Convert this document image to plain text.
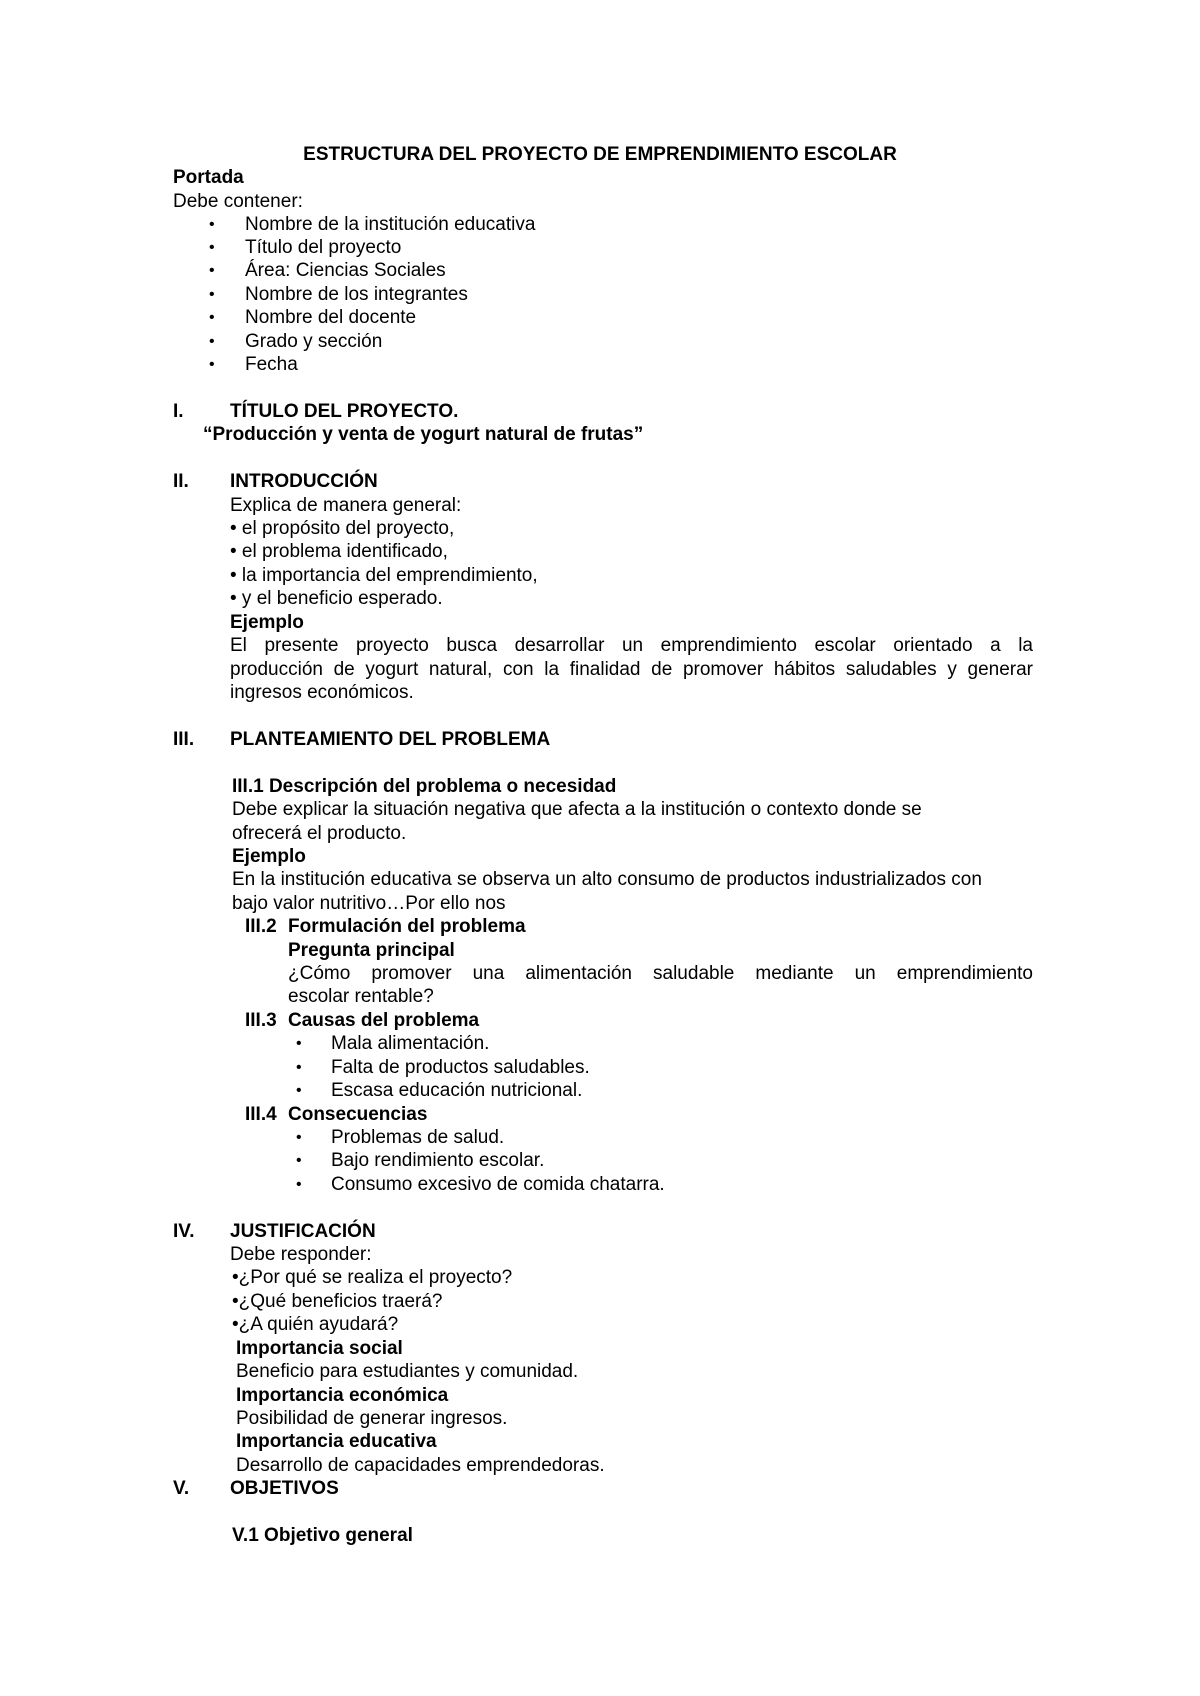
ESTRUCTURA DEL PROYECTO DE EMPRENDIMIENTO ESCOLAR
Portada
Debe contener:
• Nombre de la institución educativa
• Título del proyecto
• Área: Ciencias Sociales
• Nombre de los integrantes
• Nombre del docente
• Grado y sección
• Fecha
I. TÍTULO DEL PROYECTO.
“Producción y venta de yogurt natural de frutas”
II. INTRODUCCIÓN
Explica de manera general:
• el propósito del proyecto,
• el problema identificado,
• la importancia del emprendimiento,
• y el beneficio esperado.
Ejemplo
El presente proyecto busca desarrollar un emprendimiento escolar orientado a la
producción de yogurt natural, con la finalidad de promover hábitos saludables y generar
ingresos económicos.
III. PLANTEAMIENTO DEL PROBLEMA
III.1 Descripción del problema o necesidad
Debe explicar la situación negativa que afecta a la institución o contexto donde se
ofrecerá el producto.
Ejemplo
En la institución educativa se observa un alto consumo de productos industrializados con
bajo valor nutritivo…Por ello nos
III.2 Formulación del problema
Pregunta principal
¿Cómo promover una alimentación saludable mediante un emprendimiento
escolar rentable?
III.3 Causas del problema
• Mala alimentación.
• Falta de productos saludables.
• Escasa educación nutricional.
III.4 Consecuencias
• Problemas de salud.
• Bajo rendimiento escolar.
• Consumo excesivo de comida chatarra.
IV. JUSTIFICACIÓN
Debe responder:
•¿Por qué se realiza el proyecto?
•¿Qué beneficios traerá?
•¿A quién ayudará?
Importancia social
Beneficio para estudiantes y comunidad.
Importancia económica
Posibilidad de generar ingresos.
Importancia educativa
Desarrollo de capacidades emprendedoras.
V. OBJETIVOS
V.1 Objetivo general
